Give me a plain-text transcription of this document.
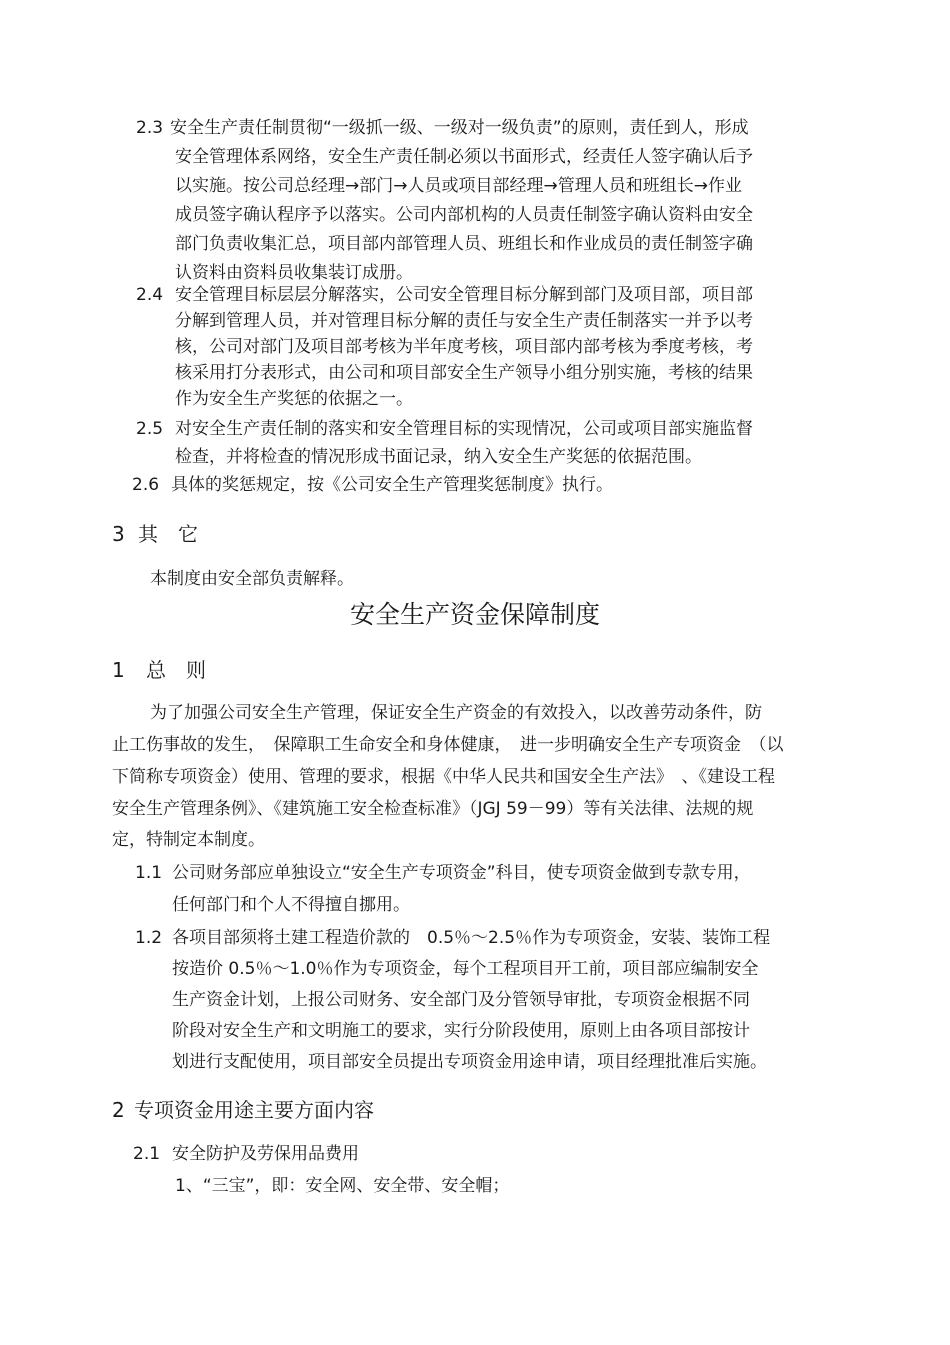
2.3 安全生产责任制贯彻“一级抓一级、一级对一级负责”的原则，责任到人，形成
安全管理体系网络，安全生产责任制必须以书面形式，经责任人签字确认后予
以实施。按公司总经理→部门→人员或项目部经理→管理人员和班组长→作业
成员签字确认程序予以落实。公司内部机构的人员责任制签字确认资料由安全
部门负责收集汇总，项目部内部管理人员、班组长和作业成员的责任制签字确
认资料由资料员收集装订成册。
2.4 安全管理目标层层分解落实，公司安全管理目标分解到部门及项目部，项目部
分解到管理人员，并对管理目标分解的责任与安全生产责任制落实一并予以考
核，公司对部门及项目部考核为半年度考核，项目部内部考核为季度考核，考
核采用打分表形式，由公司和项目部安全生产领导小组分别实施，考核的结果
作为安全生产奖惩的依据之一。
2.5 对安全生产责任制的落实和安全管理目标的实现情况，公司或项目部实施监督
检查，并将检查的情况形成书面记录，纳入安全生产奖惩的依据范围。
2.6 具体的奖惩规定，按《公司安全生产管理奖惩制度》执行。
3 其　它
本制度由安全部负责解释。
安全生产资金保障制度
1 总　则
为了加强公司安全生产管理，保证安全生产资金的有效投入，以改善劳动条件，防
止工伤事故的发生，　保障职工生命安全和身体健康，　进一步明确安全生产专项资金　（以
下简称专项资金）使用、管理的要求，根据《中华人民共和国安全生产法》　、《建设工程
安全生产管理条例》、《建筑施工安全检查标准》（JGJ 59－99）等有关法律、法规的规
定，特制定本制度。
1.1 公司财务部应单独设立“安全生产专项资金”科目，使专项资金做到专款专用，
任何部门和个人不得擅自挪用。
1.2 各项目部须将土建工程造价款的　0.5％～2.5％作为专项资金，安装、装饰工程
按造价 0.5％～1.0％作为专项资金，每个工程项目开工前，项目部应编制安全
生产资金计划，上报公司财务、安全部门及分管领导审批，专项资金根据不同
阶段对安全生产和文明施工的要求，实行分阶段使用，原则上由各项目部按计
划进行支配使用，项目部安全员提出专项资金用途申请，项目经理批准后实施。
2 专项资金用途主要方面内容
2.1 安全防护及劳保用品费用
1、“三宝”，即：安全网、安全带、安全帽；
